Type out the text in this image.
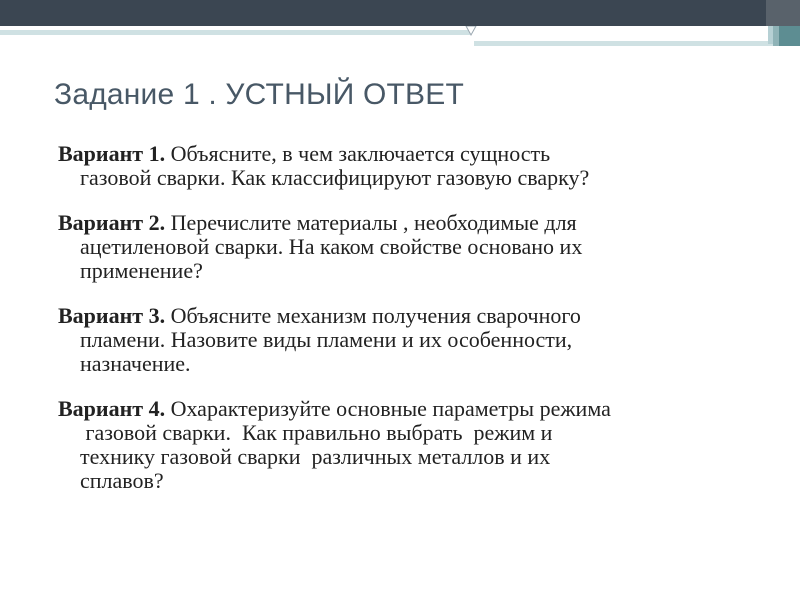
Задание 1 . УСТНЫЙ ОТВЕТ
Вариант 1. Объясните, в чем заключается сущность
газовой сварки. Как классифицируют газовую сварку?
Вариант 2. Перечислите материалы , необходимые для
ацетиленовой сварки. На каком свойстве основано их
применение?
Вариант 3. Объясните механизм получения сварочного
пламени. Назовите виды пламени и их особенности,
назначение.
Вариант 4. Охарактеризуйте основные параметры режима
газовой сварки.  Как правильно выбрать  режим и
технику газовой сварки  различных металлов и их
сплавов?
